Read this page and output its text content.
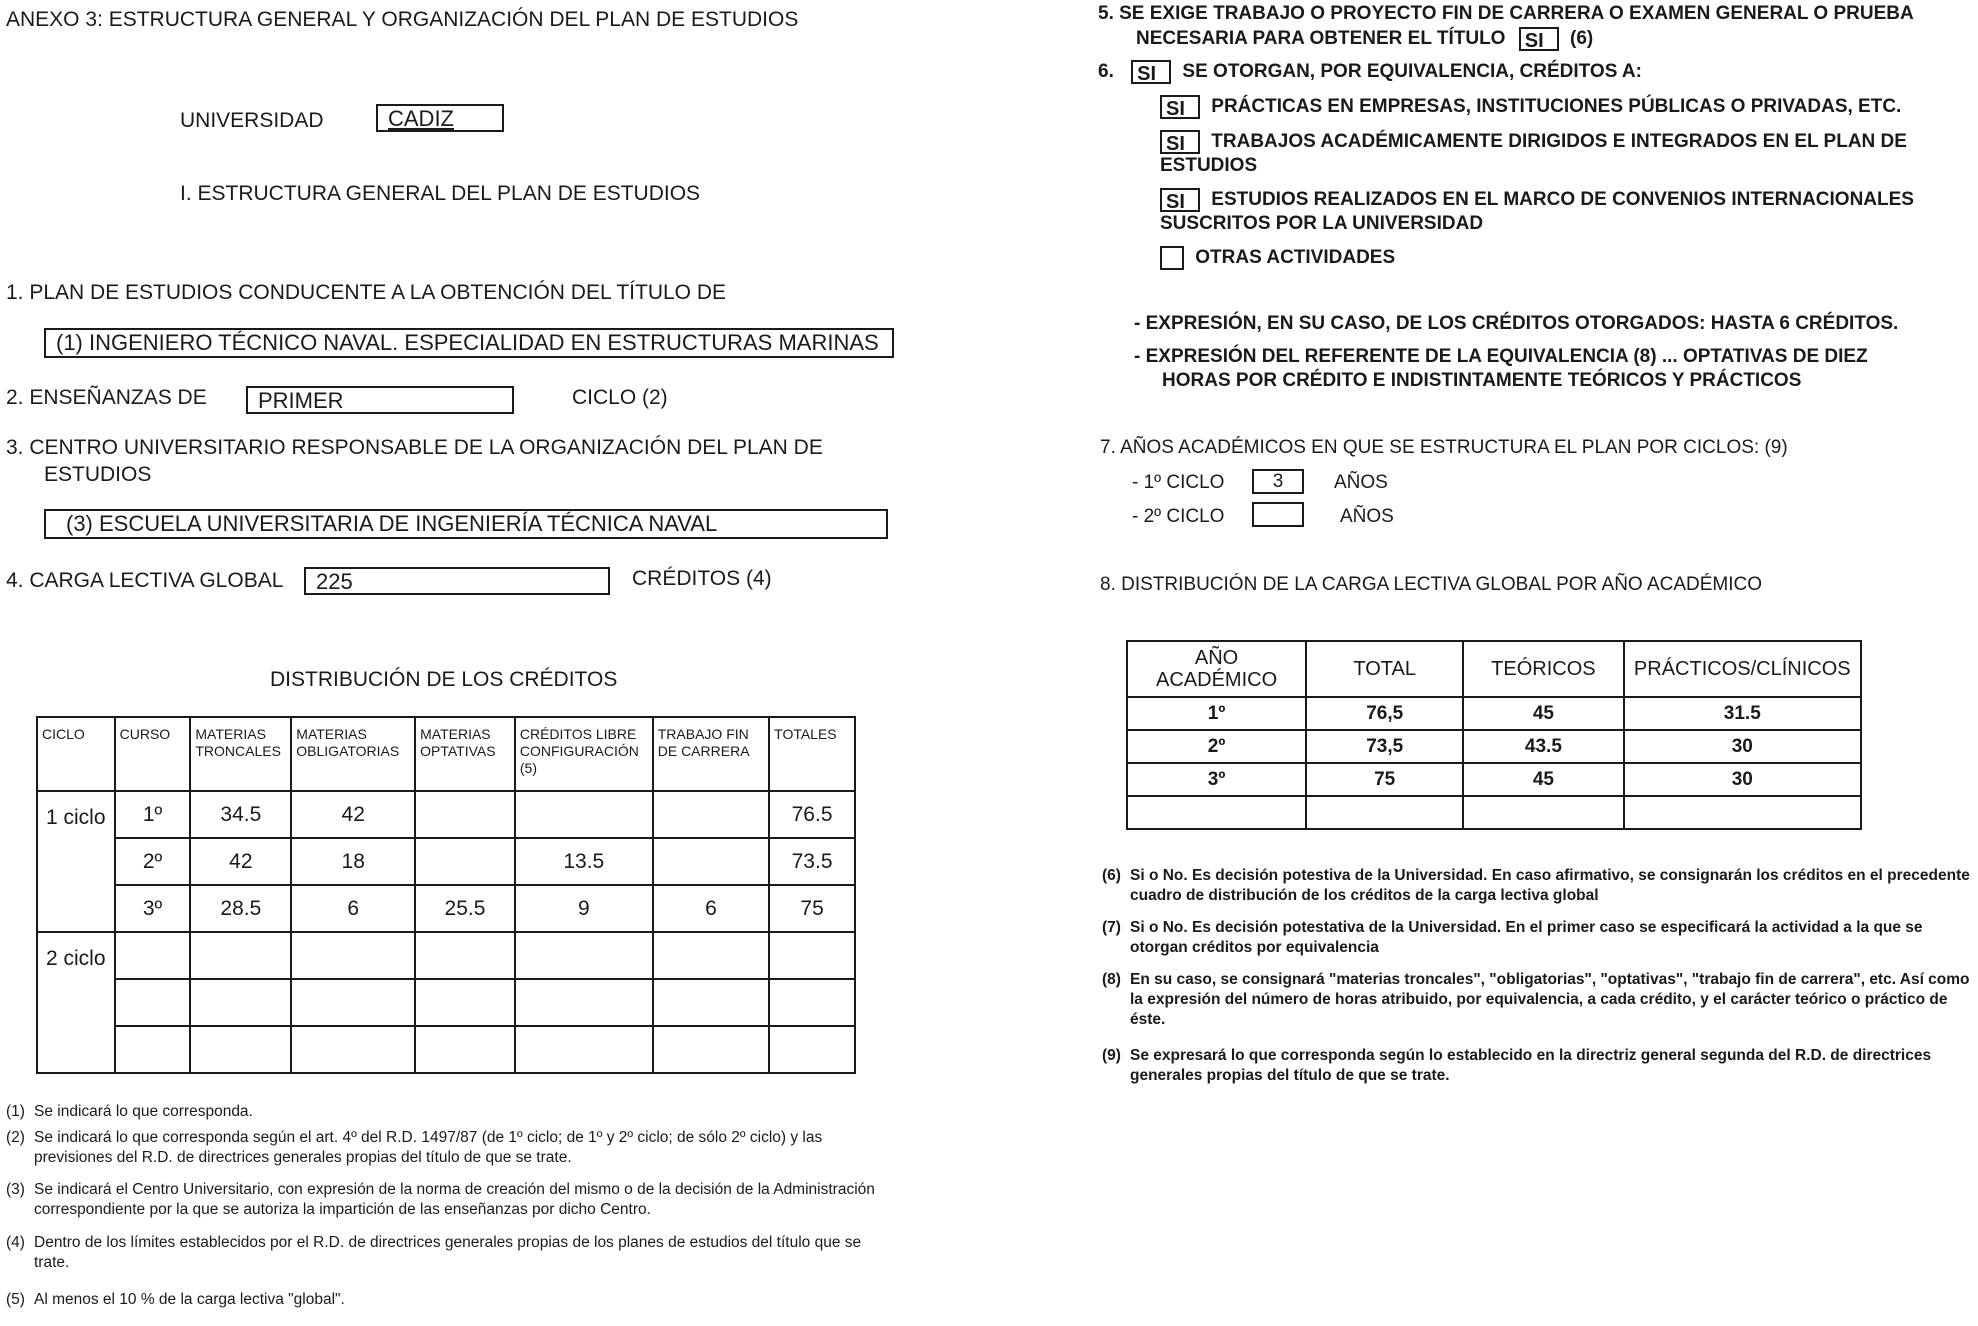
ANEXO 3: ESTRUCTURA GENERAL Y ORGANIZACIÓN DEL PLAN DE ESTUDIOS
UNIVERSIDAD	CADIZ
I. ESTRUCTURA GENERAL DEL PLAN DE ESTUDIOS
1. PLAN DE ESTUDIOS CONDUCENTE A LA OBTENCIÓN DEL TÍTULO DE
(1) INGENIERO TÉCNICO NAVAL. ESPECIALIDAD EN ESTRUCTURAS MARINAS
2. ENSEÑANZAS DE	PRIMER	CICLO (2)
3. CENTRO UNIVERSITARIO RESPONSABLE DE LA ORGANIZACIÓN DEL PLAN DE
ESTUDIOS
(3) ESCUELA UNIVERSITARIA DE INGENIERÍA TÉCNICA NAVAL
4. CARGA LECTIVA GLOBAL	225	CRÉDITOS (4)
DISTRIBUCIÓN DE LOS CRÉDITOS
CICLO	CURSO	MATERIAS TRONCALES	MATERIAS OBLIGATORIAS	MATERIAS OPTATIVAS	CRÉDITOS LIBRE CONFIGURACIÓN (5)	TRABAJO FIN DE CARRERA	TOTALES
1 ciclo	1º	34.5	42				76.5
	2º	42	18		13.5		73.5
	3º	28.5	6	25.5	9	6	75
2 ciclo							

(1) Se indicará lo que corresponda.
(2) Se indicará lo que corresponda según el art. 4º del R.D. 1497/87 (de 1º ciclo; de 1º y 2º ciclo; de sólo 2º ciclo) y las previsiones del R.D. de directrices generales propias del título de que se trate.
(3) Se indicará el Centro Universitario, con expresión de la norma de creación del mismo o de la decisión de la Administración correspondiente por la que se autoriza la impartición de las enseñanzas por dicho Centro.
(4) Dentro de los límites establecidos por el R.D. de directrices generales propias de los planes de estudios del título que se trate.
(5) Al menos el 10 % de la carga lectiva "global".
5. SE EXIGE TRABAJO O PROYECTO FIN DE CARRERA O EXAMEN GENERAL O PRUEBA
NECESARIA PARA OBTENER EL TÍTULO SI (6)
6. SI SE OTORGAN, POR EQUIVALENCIA, CRÉDITOS A:
SI PRÁCTICAS EN EMPRESAS, INSTITUCIONES PÚBLICAS O PRIVADAS, ETC.
SI TRABAJOS ACADÉMICAMENTE DIRIGIDOS E INTEGRADOS EN EL PLAN DE
ESTUDIOS
SI ESTUDIOS REALIZADOS EN EL MARCO DE CONVENIOS INTERNACIONALES
SUSCRITOS POR LA UNIVERSIDAD
OTRAS ACTIVIDADES
- EXPRESIÓN, EN SU CASO, DE LOS CRÉDITOS OTORGADOS: HASTA 6 CRÉDITOS.
- EXPRESIÓN DEL REFERENTE DE LA EQUIVALENCIA (8) ... OPTATIVAS DE DIEZ
HORAS POR CRÉDITO E INDISTINTAMENTE TEÓRICOS Y PRÁCTICOS
7. AÑOS ACADÉMICOS EN QUE SE ESTRUCTURA EL PLAN POR CICLOS: (9)
- 1º CICLO	3	AÑOS
- 2º CICLO	AÑOS
8. DISTRIBUCIÓN DE LA CARGA LECTIVA GLOBAL POR AÑO ACADÉMICO
AÑO ACADÉMICO	TOTAL	TEÓRICOS	PRÁCTICOS/CLÍNICOS
1º	76,5	45	31.5
2º	73,5	43.5	30
3º	75	45	30

(6) Si o No. Es decisión potestiva de la Universidad. En caso afirmativo, se consignarán los créditos en el precedente cuadro de distribución de los créditos de la carga lectiva global
(7) Si o No. Es decisión potestativa de la Universidad. En el primer caso se especificará la actividad a la que se otorgan créditos por equivalencia
(8) En su caso, se consignará "materias troncales", "obligatorias", "optativas", "trabajo fin de carrera", etc. Así como la expresión del número de horas atribuido, por equivalencia, a cada crédito, y el carácter teórico o práctico de éste.
(9) Se expresará lo que corresponda según lo establecido en la directriz general segunda del R.D. de directrices generales propias del título de que se trate.
